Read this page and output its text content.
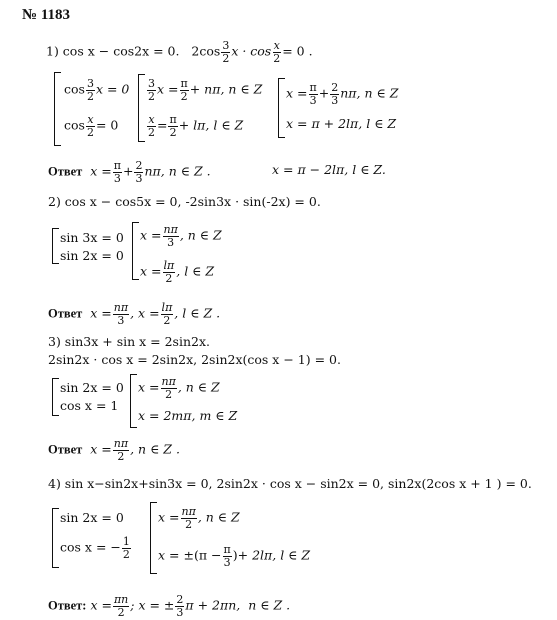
№ 1183
1) cos x − cos2x = 0. $2\cos \frac{3}{2}$ $x \cdot \cos \frac{x}{2} = 0$ .
$\cos \frac{3}{2}$ x = 0
$\cos \frac{x}{2} = 0$
$\frac{3}{2}$ $x = \frac{\pi}{2} + n\pi$, n ∈ Z
$\frac{x}{2} = \frac{\pi}{2} + l\pi$, l ∈ Z
$x = \frac{\pi}{3} + \frac{2}{3} n\pi$, n ∈ Z
x = π + 2lπ, l ∈ Z
Ответ $x = \frac{\pi}{3} + \frac{2}{3} n\pi$, n ∈ Z .	x = π − 2lπ, l ∈ Z.
2) cos x − cos5x = 0, -2sin3x · sin(-2x) = 0.
sin 3x = 0
sin 2x = 0
$x = \frac{n\pi}{3}$ , n ∈ Z
$x = \frac{l\pi}{2}$ , l ∈ Z
Ответ $x = \frac{n\pi}{3}$ , $x = \frac{l\pi}{2}$ , l ∈ Z .
3) sin3x + sin x = 2sin2x.
2sin2x · cos x = 2sin2x, 2sin2x(cos x − 1) = 0.
sin 2x = 0
cos x = 1
$x = \frac{n\pi}{2}$ , n ∈ Z
x = 2mπ, m ∈ Z
Ответ $x = \frac{n\pi}{2}$ , n ∈ Z .
4) sin x−sin2x+sin3x = 0, 2sin2x · cos x − sin2x = 0, sin2x(2cos x + 1 ) = 0.
sin 2x = 0
cos x = − $\frac{1}{2}$
$x = \frac{n\pi}{2}$ , n ∈ Z
$x = \pm(\pi - \frac{\pi}{3}$ )+ 2lπ, l ∈ Z
Ответ: $x = \frac{\pi n}{2}$ ; x = ± $\frac{2}{3}$ π + 2πn, n ∈ Z .
